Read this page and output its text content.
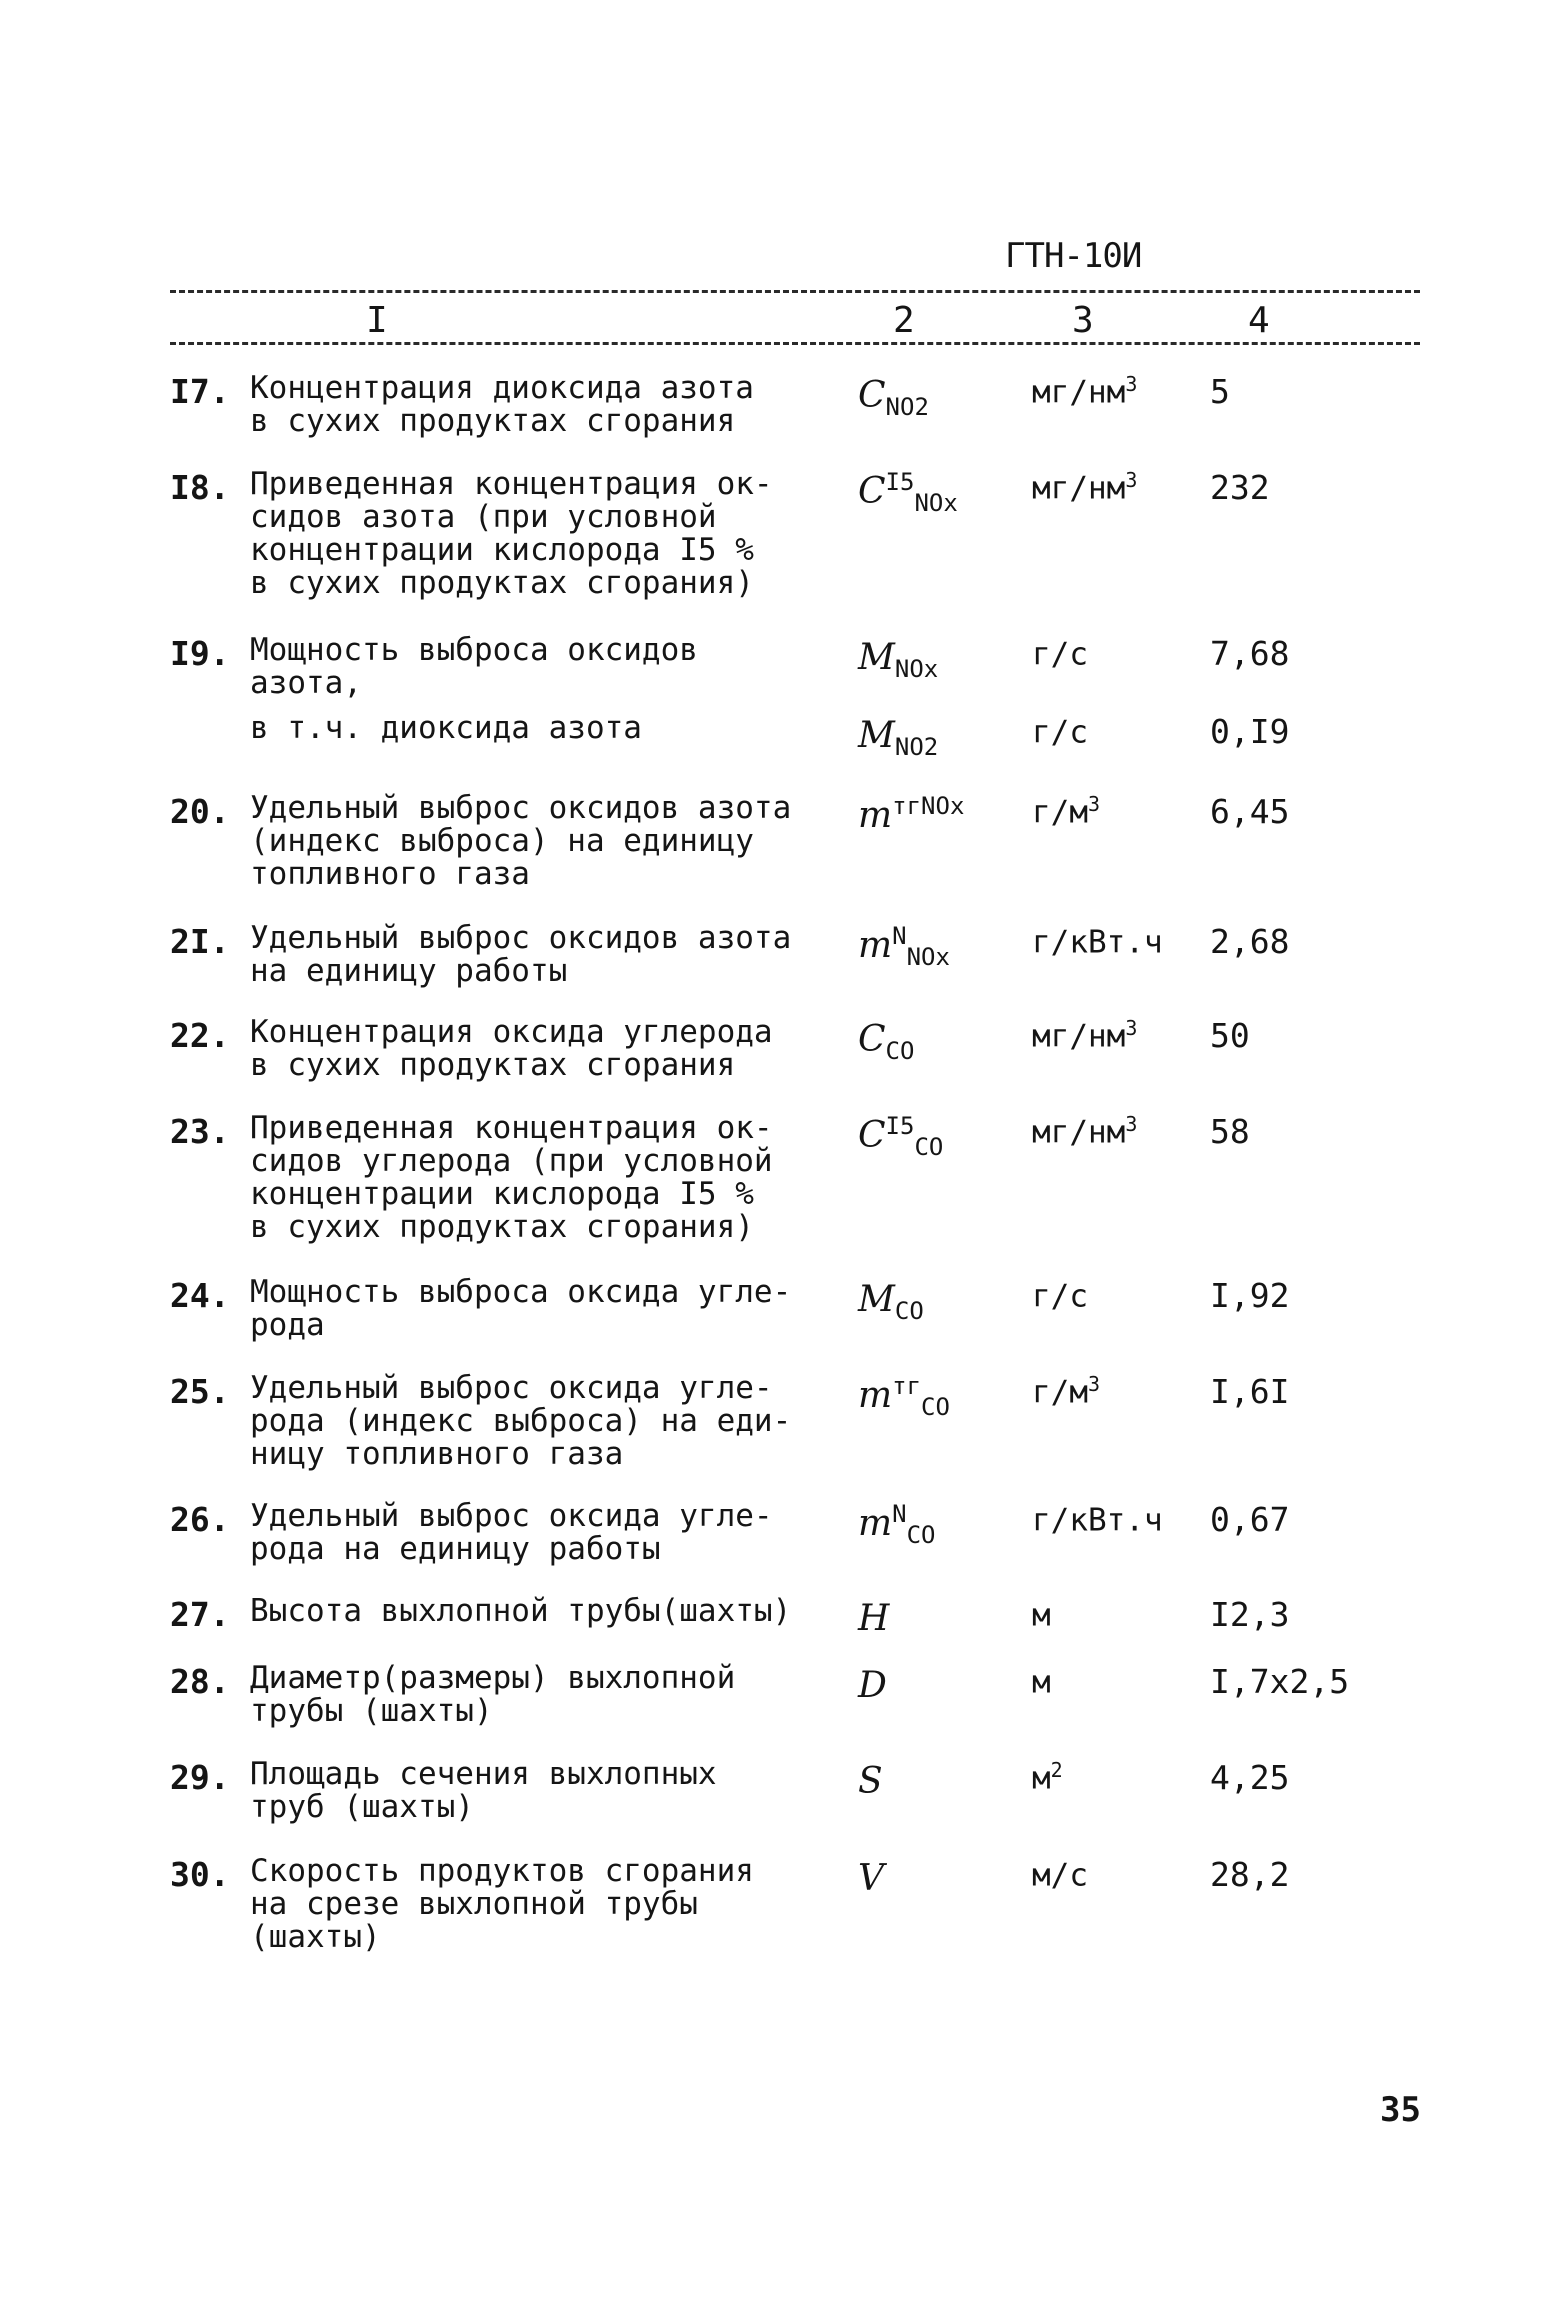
ГТН-10И
I	2	3	4
I7. Концентрация диоксида азота
в сухих продуктах сгорания
$C_{NO2}$	$мг/нм^3$	5
I8. Приведенная концентрация ок-
сидов азота (при условной
концентрации кислорода I5 %
в сухих продуктах сгорания)
$C^{I5}_{NOx}$	$мг/нм^3$	232
I9. Мощность выброса оксидов
азота,
$M_{NOx}$	г/с	7,68
в т.ч. диоксида азота	$M_{NO2}$	г/с	0,I9
20. Удельный выброс оксидов азота
(индекс выброса) на единицу
топливного газа
$m^{тгNOx}$	$г/м^3$	6,45
2I. Удельный выброс оксидов азота
на единицу работы
$m^N_{NOx}$	г/кВт.ч	2,68
22. Концентрация оксида углерода
в сухих продуктах сгорания
$C_{CO}$	$мг/нм^3$	50
23. Приведенная концентрация ок-
сидов углерода (при условной
концентрации кислорода I5 %
в сухих продуктах сгорания)
$C^{I5}_{CO}$	$мг/нм^3$	58
24. Мощность выброса оксида угле-
рода
$M_{CO}$	г/с	I,92
25. Удельный выброс оксида угле-
рода (индекс выброса) на еди-
ницу топливного газа
$m^{тг}_{CO}$	$г/м^3$	I,6I
26. Удельный выброс оксида угле-
рода на единицу работы
$m^N_{CO}$	г/кВт.ч	0,67
27. Высота выхлопной трубы(шахты)	H	м	I2,3
28. Диаметр(размеры) выхлопной
трубы (шахты)
D	м	I,7x2,5
29. Площадь сечения выхлопных
труб (шахты)
S	$м^2$	4,25
30. Скорость продуктов сгорания
на срезе выхлопной трубы
(шахты)
V	м/с	28,2
35
